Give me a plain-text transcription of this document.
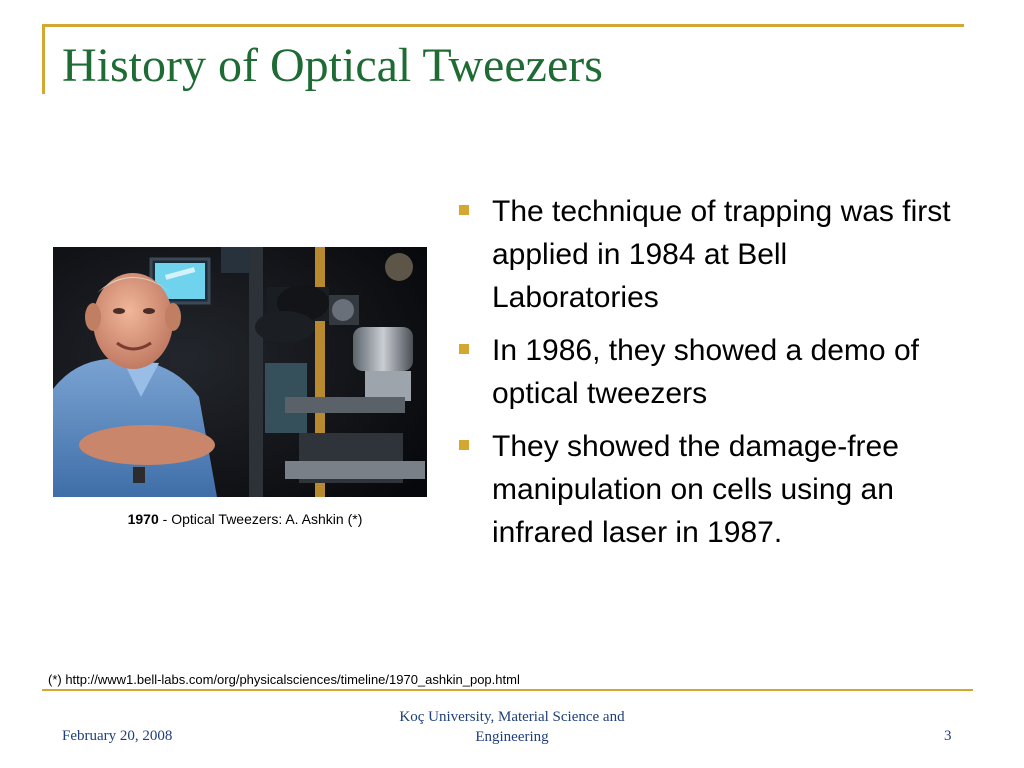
History of Optical Tweezers
1970 - Optical Tweezers: A. Ashkin (*)
The technique of trapping was first applied in 1984 at Bell Laboratories
In 1986, they showed a demo of optical tweezers
They showed the damage-free manipulation on cells using an infrared laser in 1987.
(*) http://www1.bell-labs.com/org/physicalsciences/timeline/1970_ashkin_pop.html
February 20, 2008
Koç University, Material Science and
Engineering	3
